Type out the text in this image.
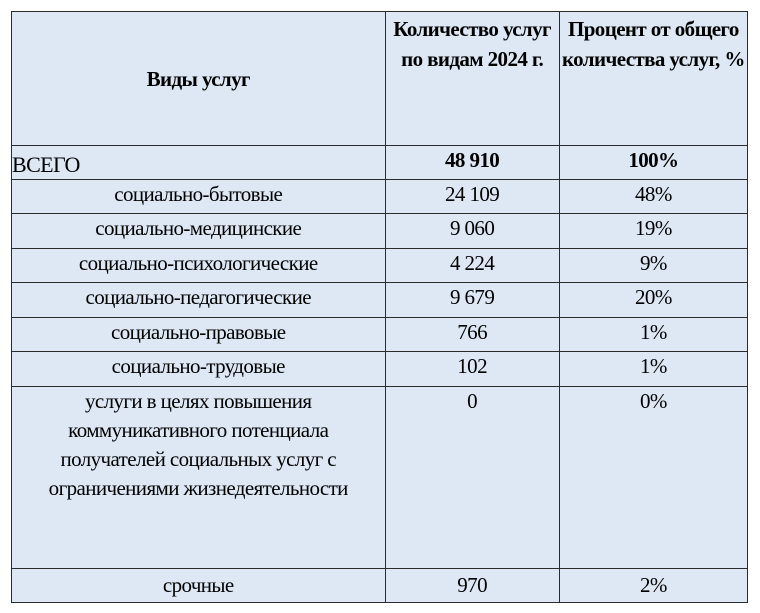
Виды услуг	Количество услуг по видам 2024 г.	Процент от общего количества услуг, %
ВСЕГО	48 910	100%
социально-бытовые	24 109	48%
социально-медицинские	9 060	19%
социально-психологические	4 224	9%
социально-педагогические	9 679	20%
социально-правовые	766	1%
социально-трудовые	102	1%
услуги в целях повышения коммуникативного потенциала получателей социальных услуг с ограничениями жизнедеятельности	0	0%
срочные	970	2%
